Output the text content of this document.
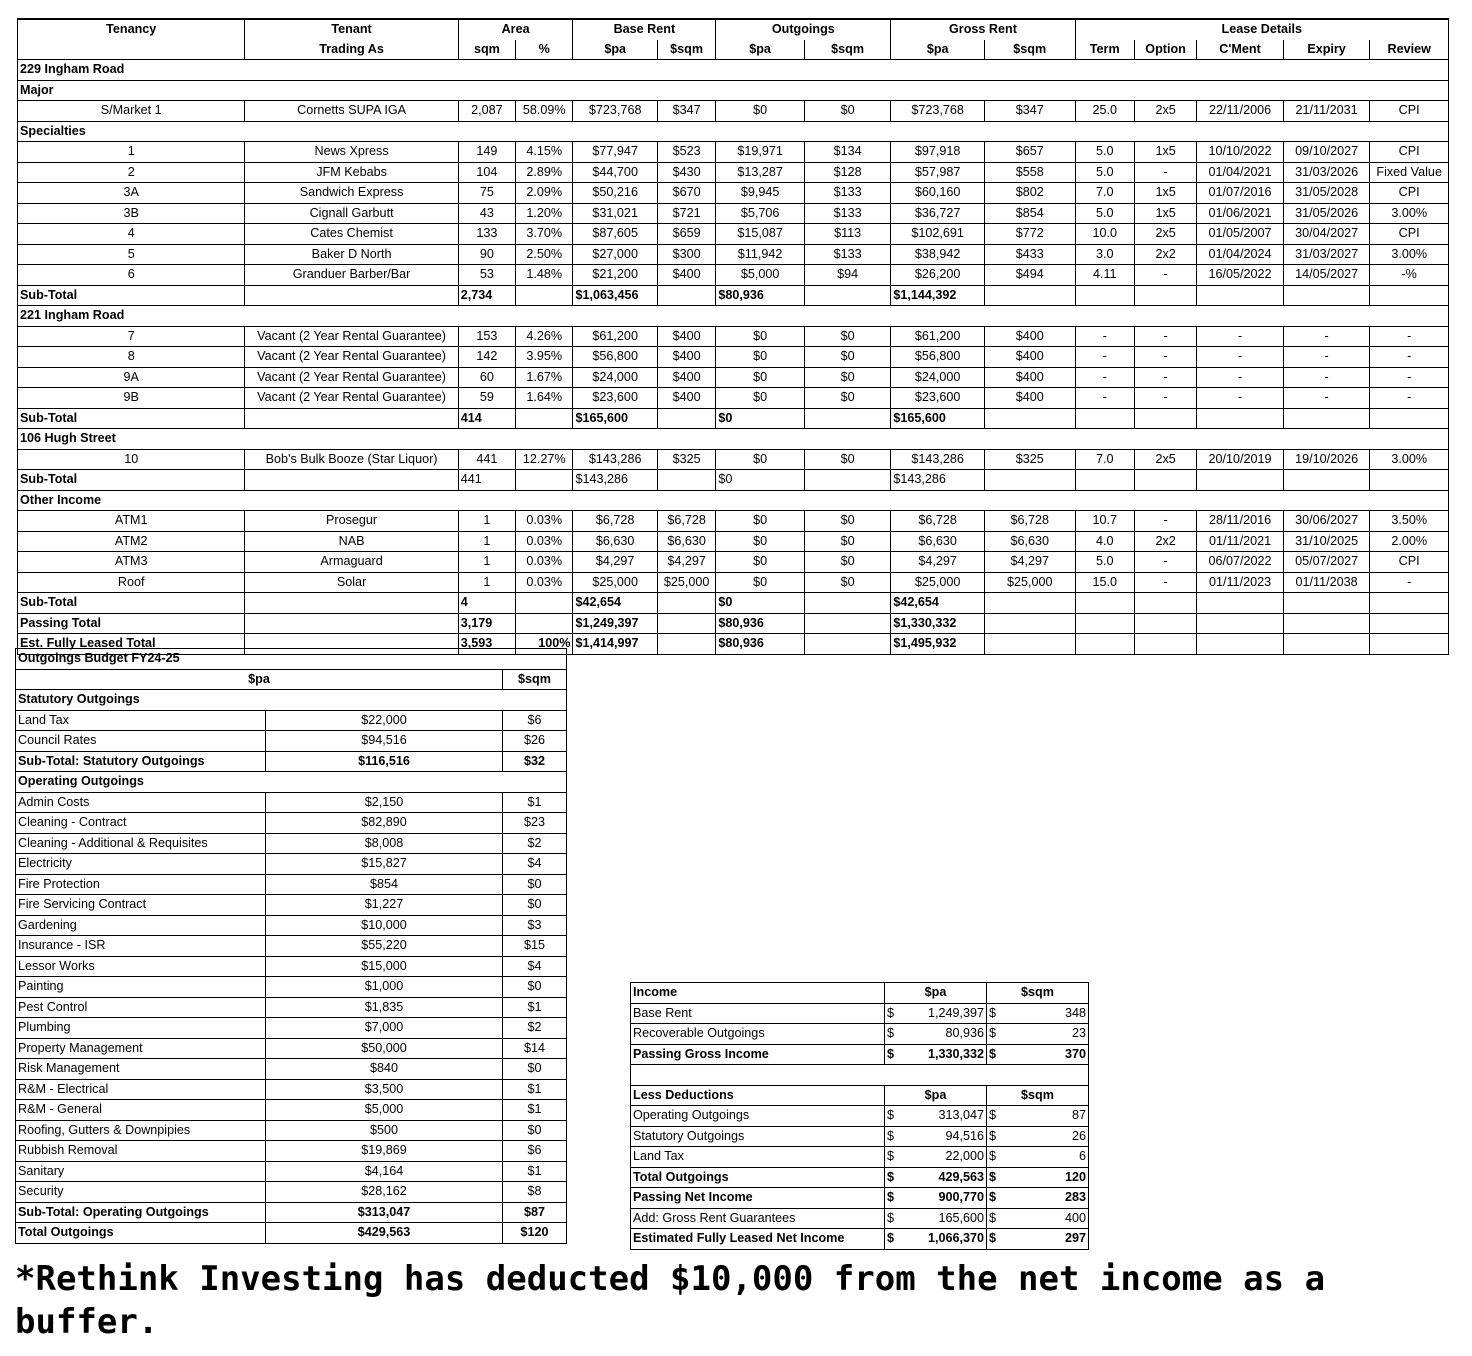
Tenancy	Tenant	Area		Base Rent		Outgoings		Gross Rent		Lease Details				
	Trading As	sqm	%	$pa	$sqm	$pa	$sqm	$pa	$sqm	Term	Option	C'Ment	Expiry	Review
229 Ingham Road														
Major														
S/Market 1	Cornetts SUPA IGA	2,087	58.09%	$723,768	$347	$0	$0	$723,768	$347	25.0	2x5	22/11/2006	21/11/2031	CPI
Specialties														
1	News Xpress	149	4.15%	$77,947	$523	$19,971	$134	$97,918	$657	5.0	1x5	10/10/2022	09/10/2027	CPI
2	JFM Kebabs	104	2.89%	$44,700	$430	$13,287	$128	$57,987	$558	5.0	-	01/04/2021	31/03/2026	Fixed Value
3A	Sandwich Express	75	2.09%	$50,216	$670	$9,945	$133	$60,160	$802	7.0	1x5	01/07/2016	31/05/2028	CPI
3B	Cignall Garbutt	43	1.20%	$31,021	$721	$5,706	$133	$36,727	$854	5.0	1x5	01/06/2021	31/05/2026	3.00%
4	Cates Chemist	133	3.70%	$87,605	$659	$15,087	$113	$102,691	$772	10.0	2x5	01/05/2007	30/04/2027	CPI
5	Baker D North	90	2.50%	$27,000	$300	$11,942	$133	$38,942	$433	3.0	2x2	01/04/2024	31/03/2027	3.00%
6	Granduer Barber/Bar	53	1.48%	$21,200	$400	$5,000	$94	$26,200	$494	4.11	-	16/05/2022	14/05/2027	-%
Sub-Total		2,734		$1,063,456		$80,936		$1,144,392						
221 Ingham Road														
7	Vacant (2 Year Rental Guarantee)	153	4.26%	$61,200	$400	$0	$0	$61,200	$400	-	-	-	-	-
8	Vacant (2 Year Rental Guarantee)	142	3.95%	$56,800	$400	$0	$0	$56,800	$400	-	-	-	-	-
9A	Vacant (2 Year Rental Guarantee)	60	1.67%	$24,000	$400	$0	$0	$24,000	$400	-	-	-	-	-
9B	Vacant (2 Year Rental Guarantee)	59	1.64%	$23,600	$400	$0	$0	$23,600	$400	-	-	-	-	-
Sub-Total		414		$165,600		$0		$165,600						
106 Hugh Street														
10	Bob's Bulk Booze (Star Liquor)	441	12.27%	$143,286	$325	$0	$0	$143,286	$325	7.0	2x5	20/10/2019	19/10/2026	3.00%
Sub-Total		441		$143,286		$0		$143,286						
Other Income														
ATM1	Prosegur	1	0.03%	$6,728	$6,728	$0	$0	$6,728	$6,728	10.7	-	28/11/2016	30/06/2027	3.50%
ATM2	NAB	1	0.03%	$6,630	$6,630	$0	$0	$6,630	$6,630	4.0	2x2	01/11/2021	31/10/2025	2.00%
ATM3	Armaguard	1	0.03%	$4,297	$4,297	$0	$0	$4,297	$4,297	5.0	-	06/07/2022	05/07/2027	CPI
Roof	Solar	1	0.03%	$25,000	$25,000	$0	$0	$25,000	$25,000	15.0	-	01/11/2023	01/11/2038	-
Sub-Total		4		$42,654		$0		$42,654						
Passing Total		3,179		$1,249,397		$80,936		$1,330,332						
Est. Fully Leased Total		3,593	100%	$1,414,997		$80,936		$1,495,932						
Outgoings Budget FY24-25		
$pa		$sqm
Statutory Outgoings		
Land Tax	$22,000	$6
Council Rates	$94,516	$26
Sub-Total: Statutory Outgoings	$116,516	$32
Operating Outgoings		
Admin Costs	$2,150	$1
Cleaning - Contract	$82,890	$23
Cleaning - Additional & Requisites	$8,008	$2
Electricity	$15,827	$4
Fire Protection	$854	$0
Fire Servicing Contract	$1,227	$0
Gardening	$10,000	$3
Insurance - ISR	$55,220	$15
Lessor Works	$15,000	$4
Painting	$1,000	$0
Pest Control	$1,835	$1
Plumbing	$7,000	$2
Property Management	$50,000	$14
Risk Management	$840	$0
R&M - Electrical	$3,500	$1
R&M - General	$5,000	$1
Roofing, Gutters & Downpipies	$500	$0
Rubbish Removal	$19,869	$6
Sanitary	$4,164	$1
Security	$28,162	$8
Sub-Total: Operating Outgoings	$313,047	$87
Total Outgoings	$429,563	$120
Income	$pa	$sqm
Base Rent	$ 1,249,397	$ 348

Recoverable Outgoings	$ 80,936	$ 23

Passing Gross Income	$ 1,330,332	$ 370

Less Deductions	$pa	$sqm
Operating Outgoings	$ 313,047	$ 87

Statutory Outgoings	$ 94,516	$ 26

Land Tax	$ 22,000	$ 6

Total Outgoings	$ 429,563	$ 120

Passing Net Income	$ 900,770	$ 283

Add: Gross Rent Guarantees	$ 165,600	$ 400

Estimated Fully Leased Net Income	$ 1,066,370	$ 297
*Rethink Investing has deducted $10,000 from the net income as a buffer.
